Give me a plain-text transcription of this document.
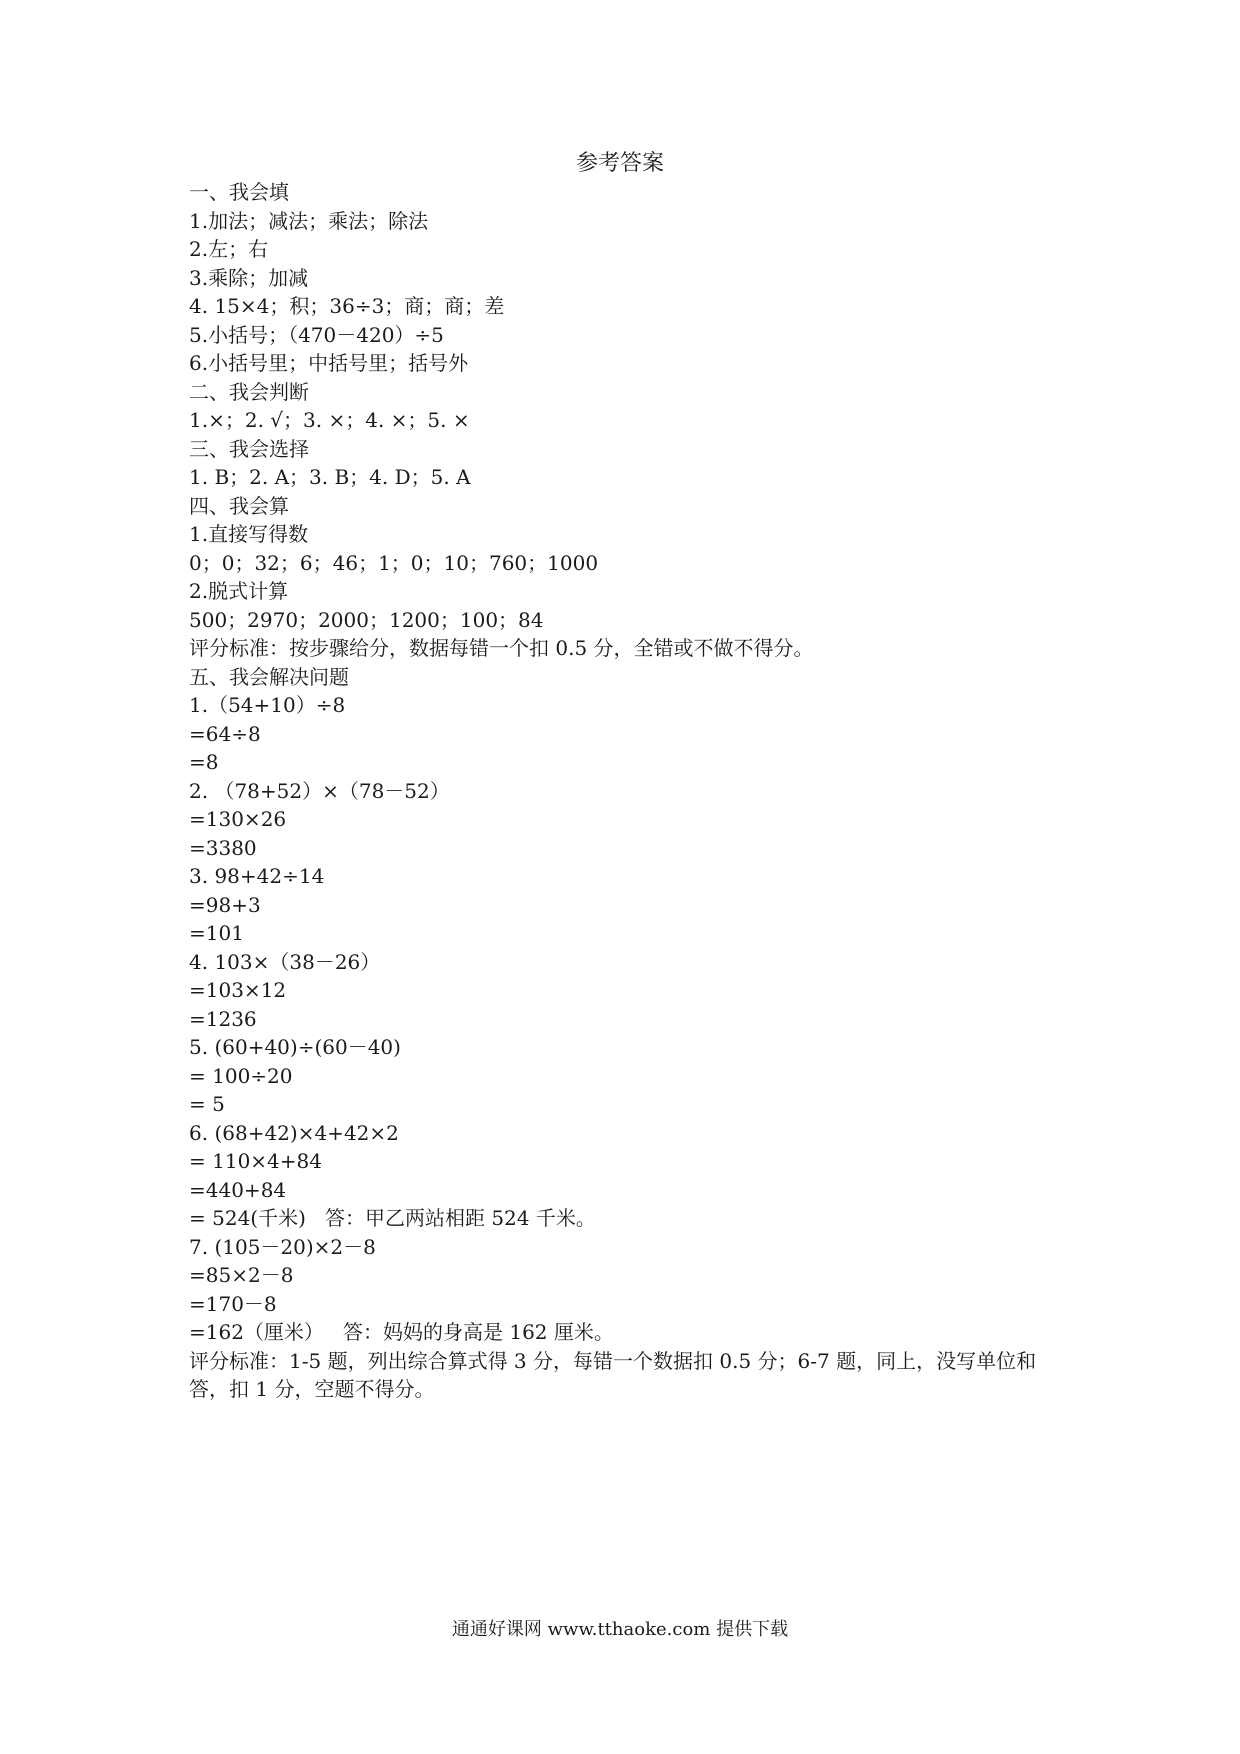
参考答案
一、我会填
1.加法；减法；乘法；除法
2.左；右
3.乘除；加减
4. 15×4；积；36÷3；商；商；差
5.小括号；（470－420）÷5
6.小括号里；中括号里；括号外
二、我会判断
1.×；2. √；3. ×；4. ×；5. ×
三、我会选择
1. B；2. A；3. B；4. D；5. A
四、我会算
1.直接写得数
0；0；32；6；46；1；0；10；760；1000
2.脱式计算
500；2970；2000；1200；100；84
评分标准：按步骤给分，数据每错一个扣 0.5 分，全错或不做不得分。
五、我会解决问题
1.（54+10）÷8
=64÷8
=8
2. （78+52）×（78－52）
=130×26
=3380
3. 98+42÷14
=98+3
=101
4. 103×（38－26）
=103×12
=1236
5. (60+40)÷(60－40)
= 100÷20
= 5
6. (68+42)×4+42×2
= 110×4+84
=440+84
= 524(千米)   答：甲乙两站相距 524 千米。
7. (105－20)×2－8
=85×2－8
=170－8
=162（厘米）   答：妈妈的身高是 162 厘米。
评分标准：1-5 题，列出综合算式得 3 分，每错一个数据扣 0.5 分；6-7 题，同上，没写单位和答，扣 1 分，空题不得分。
通通好课网 www.tthaoke.com 提供下载
